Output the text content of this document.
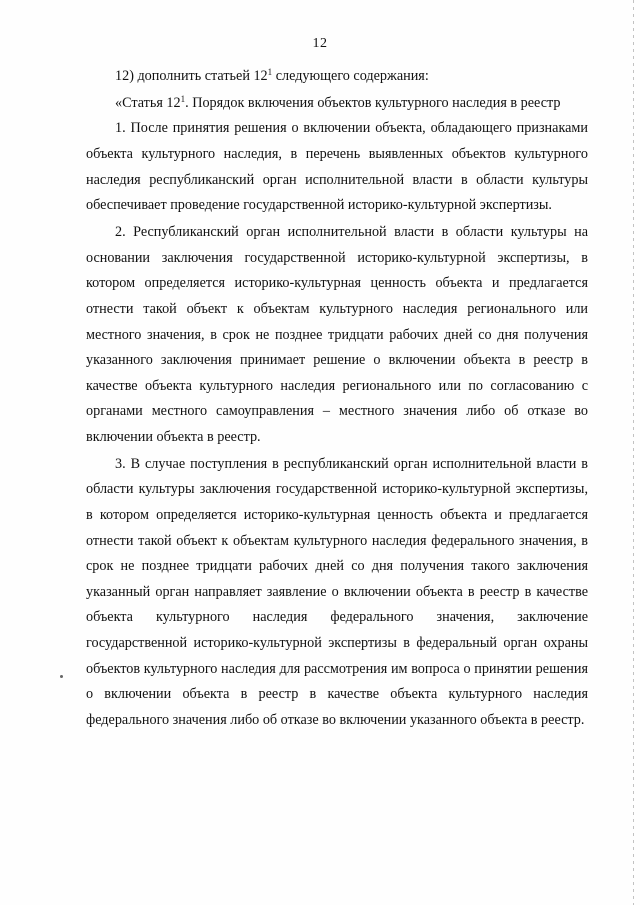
12

12) дополнить статьей $12^1$ следующего содержания:

«Статья $12^1$. Порядок включения объектов культурного наследия в реестр

1. После принятия решения о включении объекта, обладающего признаками объекта культурного наследия, в перечень выявленных объектов культурного наследия республиканский орган исполнительной власти в области культуры обеспечивает проведение государственной историко-культурной экспертизы.

2. Республиканский орган исполнительной власти в области культуры на основании заключения государственной историко-культурной экспертизы, в котором определяется историко-культурная ценность объекта и предлагается отнести такой объект к объектам культурного наследия регионального или местного значения, в срок не позднее тридцати рабочих дней со дня получения указанного заключения принимает решение о включении объекта в реестр в качестве объекта культурного наследия регионального или по согласованию с органами местного самоуправления – местного значения либо об отказе во включении объекта в реестр.

3. В случае поступления в республиканский орган исполнительной власти в области культуры заключения государственной историко-культурной экспертизы, в котором определяется историко-культурная ценность объекта и предлагается отнести такой объект к объектам культурного наследия федерального значения, в срок не позднее тридцати рабочих дней со дня получения такого заключения указанный орган направляет заявление о включении объекта в реестр в качестве объекта культурного наследия федерального значения, заключение государственной историко-культурной экспертизы в федеральный орган охраны объектов культурного наследия для рассмотрения им вопроса о принятии решения о включении объекта в реестр в качестве объекта культурного наследия федерального значения либо об отказе во включении указанного объекта в реестр.
